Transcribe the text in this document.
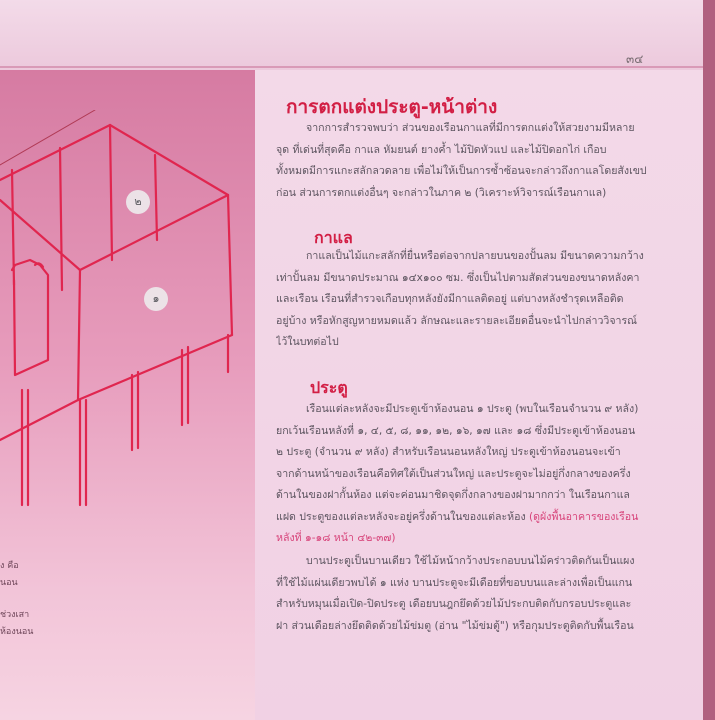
๓๔
๒
๑
ง คือ
นอน
ช่วงเสา
ห้องนอน
การตกแต่งประตู-หน้าต่าง
จากการสำรวจพบว่า ส่วนของเรือนกาแลที่มีการตกแต่งให้สวยงามมีหลาย
จุด ที่เด่นที่สุดคือ กาแล หัมยนต์ ยางค้ำ ไม้ปิดหัวแป และไม้ปิดอกไก่ เกือบ
ทั้งหมดมีการแกะสลักลวดลาย เพื่อไม่ให้เป็นการซ้ำซ้อนจะกล่าวถึงกาแลโดยสังเขป
ก่อน ส่วนการตกแต่งอื่นๆ จะกล่าวในภาค ๒ (วิเคราะห์วิจารณ์เรือนกาแล)
กาแล
กาแลเป็นไม้แกะสลักที่ยื่นหรือต่อจากปลายบนของปั้นลม มีขนาดความกว้าง
เท่าปั้นลม มีขนาดประมาณ ๑๔x๑๐๐ ซม. ซึ่งเป็นไปตามสัดส่วนของขนาดหลังคา
และเรือน เรือนที่สำรวจเกือบทุกหลังยังมีกาแลติดอยู่ แต่บางหลังชำรุดเหลือติด
อยู่บ้าง หรือหักสูญหายหมดแล้ว ลักษณะและรายละเอียดอื่นจะนำไปกล่าววิจารณ์
ไว้ในบทต่อไป
ประตู
เรือนแต่ละหลังจะมีประตูเข้าห้องนอน ๑ ประตู (พบในเรือนจำนวน ๙ หลัง)
ยกเว้นเรือนหลังที่ ๑, ๔, ๕, ๘, ๑๑, ๑๒, ๑๖, ๑๗ และ ๑๘ ซึ่งมีประตูเข้าห้องนอน
๒ ประตู (จำนวน ๙ หลัง) สำหรับเรือนนอนหลังใหญ่ ประตูเข้าห้องนอนจะเข้า
จากด้านหน้าของเรือนคือทิศใต้เป็นส่วนใหญ่ และประตูจะไม่อยู่กึ่งกลางของครึ่ง
ด้านในของฝากั้นห้อง แต่จะค่อนมาชิดจุดกึ่งกลางของฝามากกว่า ในเรือนกาแล
แฝด ประตูของแต่ละหลังจะอยู่ครึ่งด้านในของแต่ละห้อง (ดูผังพื้นอาคารของเรือน
หลังที่ ๑-๑๘ หน้า ๔๒-๓๗)
บานประตูเป็นบานเดียว ใช้ไม้หน้ากว้างประกอบบนไม้คร่าวติดกันเป็นแผง
ที่ใช้ไม้แผ่นเดียวพบได้ ๑ แห่ง บานประตูจะมีเดือยที่ขอบบนและล่างเพื่อเป็นแกน
สำหรับหมุนเมื่อเปิด-ปิดประตู เดือยบนฎกยึดด้วยไม้ประกบติดกับกรอบประตูและ
ฝา ส่วนเดือยล่างยึดติดด้วยไม้ข่มตู (อ่าน "ไม้ข่มตู้") หรือกุมประตูติดกับพื้นเรือน
